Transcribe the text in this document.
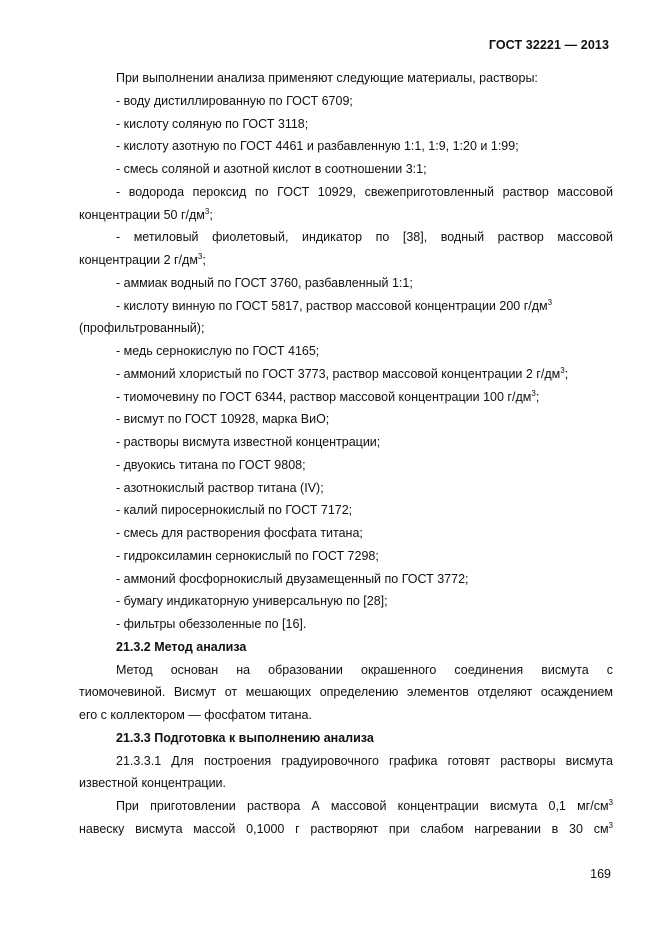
ГОСТ 32221 — 2013
При выполнении анализа применяют следующие материалы, растворы:
- воду дистиллированную по ГОСТ 6709;
- кислоту соляную по ГОСТ 3118;
- кислоту азотную по ГОСТ 4461 и разбавленную 1:1, 1:9, 1:20 и 1:99;
- смесь соляной и азотной кислот в соотношении 3:1;
- водорода пероксид по ГОСТ 10929, свежеприготовленный раствор массовой
концентрации 50 $г/дм^3$;
- метиловый фиолетовый, индикатор по [38], водный раствор массовой
концентрации 2 $г/дм^3$;
- аммиак водный по ГОСТ 3760, разбавленный 1:1;
- кислоту винную по ГОСТ 5817, раствор массовой концентрации 200 $г/дм^3$
(профильтрованный);
- медь сернокислую по ГОСТ 4165;
- аммоний хлористый по ГОСТ 3773, раствор массовой концентрации 2 $г/дм^3$;
- тиомочевину по ГОСТ 6344, раствор массовой концентрации 100 $г/дм^3$;
- висмут по ГОСТ 10928, марка ВиО;
- растворы висмута известной концентрации;
- двуокись титана по ГОСТ 9808;
- азотнокислый раствор титана (IV);
- калий пиросернокислый по ГОСТ 7172;
- смесь для растворения фосфата титана;
- гидроксиламин сернокислый по ГОСТ 7298;
- аммоний фосфорнокислый двузамещенный по ГОСТ 3772;
- бумагу индикаторную универсальную по [28];
- фильтры обеззоленные по [16].
21.3.2 Метод анализа
Метод основан на образовании окрашенного соединения висмута с
тиомочевиной. Висмут от мешающих определению элементов отделяют осаждением
его с коллектором — фосфатом титана.
21.3.3 Подготовка к выполнению анализа
21.3.3.1 Для построения градуировочного графика готовят растворы висмута
известной концентрации.
При приготовлении раствора А массовой концентрации висмута 0,1 $мг/см^3$
навеску висмута массой 0,1000 г растворяют при слабом нагревании в 30 $см^3$
169
